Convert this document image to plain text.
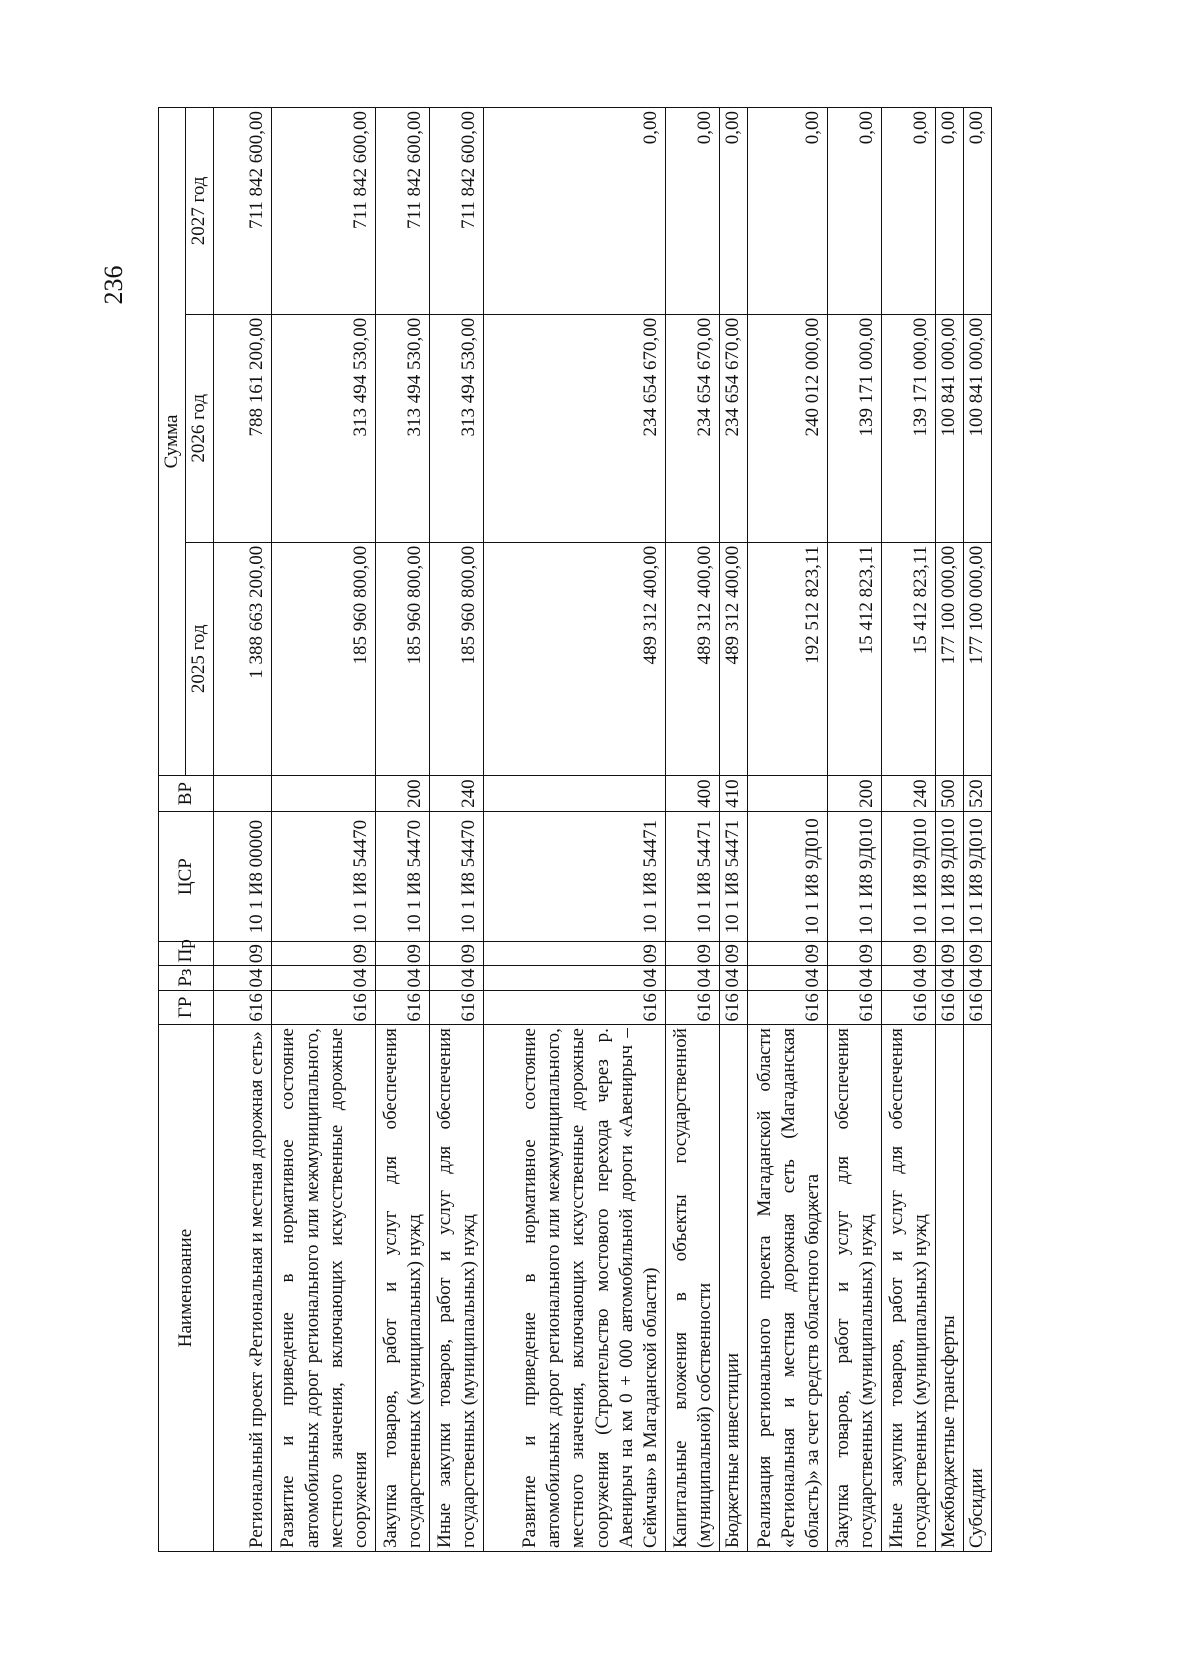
236
Наименование	ГР	Рз	Пр	ЦСР	ВР	Сумма		
						2025 год	2026 год	2027 год
Региональный проект «Региональная и местная дорожная сеть»	616	04	09	10 1 И8 00000		1 388 663 200,00	788 161 200,00	711 842 600,00
Развитие и приведение в нормативное состояние автомобильных дорог регионального или межмуниципального, местного значения, включающих искусственные дорожные сооружения	616	04	09	10 1 И8 54470		185 960 800,00	313 494 530,00	711 842 600,00
Закупка товаров, работ и услуг для обеспечения государственных (муниципальных) нужд	616	04	09	10 1 И8 54470	200	185 960 800,00	313 494 530,00	711 842 600,00
Иные закупки товаров, работ и услуг для обеспечения государственных (муниципальных) нужд	616	04	09	10 1 И8 54470	240	185 960 800,00	313 494 530,00	711 842 600,00
Развитие и приведение в нормативное состояние автомобильных дорог регионального или межмуниципального, местного значения, включающих искусственные дорожные сооружения (Строительство мостового перехода через р. Авенирыч на км 0 + 000 автомобильной дороги «Авенирыч – Сеймчан» в Магаданской области)	616	04	09	10 1 И8 54471		489 312 400,00	234 654 670,00	0,00
Капитальные вложения в объекты государственной (муниципальной) собственности	616	04	09	10 1 И8 54471	400	489 312 400,00	234 654 670,00	0,00
Бюджетные инвестиции	616	04	09	10 1 И8 54471	410	489 312 400,00	234 654 670,00	0,00
Реализация регионального проекта Магаданской области «Региональная и местная дорожная сеть (Магаданская область)» за счет средств областного бюджета	616	04	09	10 1 И8 9Д010		192 512 823,11	240 012 000,00	0,00
Закупка товаров, работ и услуг для обеспечения государственных (муниципальных) нужд	616	04	09	10 1 И8 9Д010	200	15 412 823,11	139 171 000,00	0,00
Иные закупки товаров, работ и услуг для обеспечения государственных (муниципальных) нужд	616	04	09	10 1 И8 9Д010	240	15 412 823,11	139 171 000,00	0,00
Межбюджетные трансферты	616	04	09	10 1 И8 9Д010	500	177 100 000,00	100 841 000,00	0,00
Субсидии	616	04	09	10 1 И8 9Д010	520	177 100 000,00	100 841 000,00	0,00
